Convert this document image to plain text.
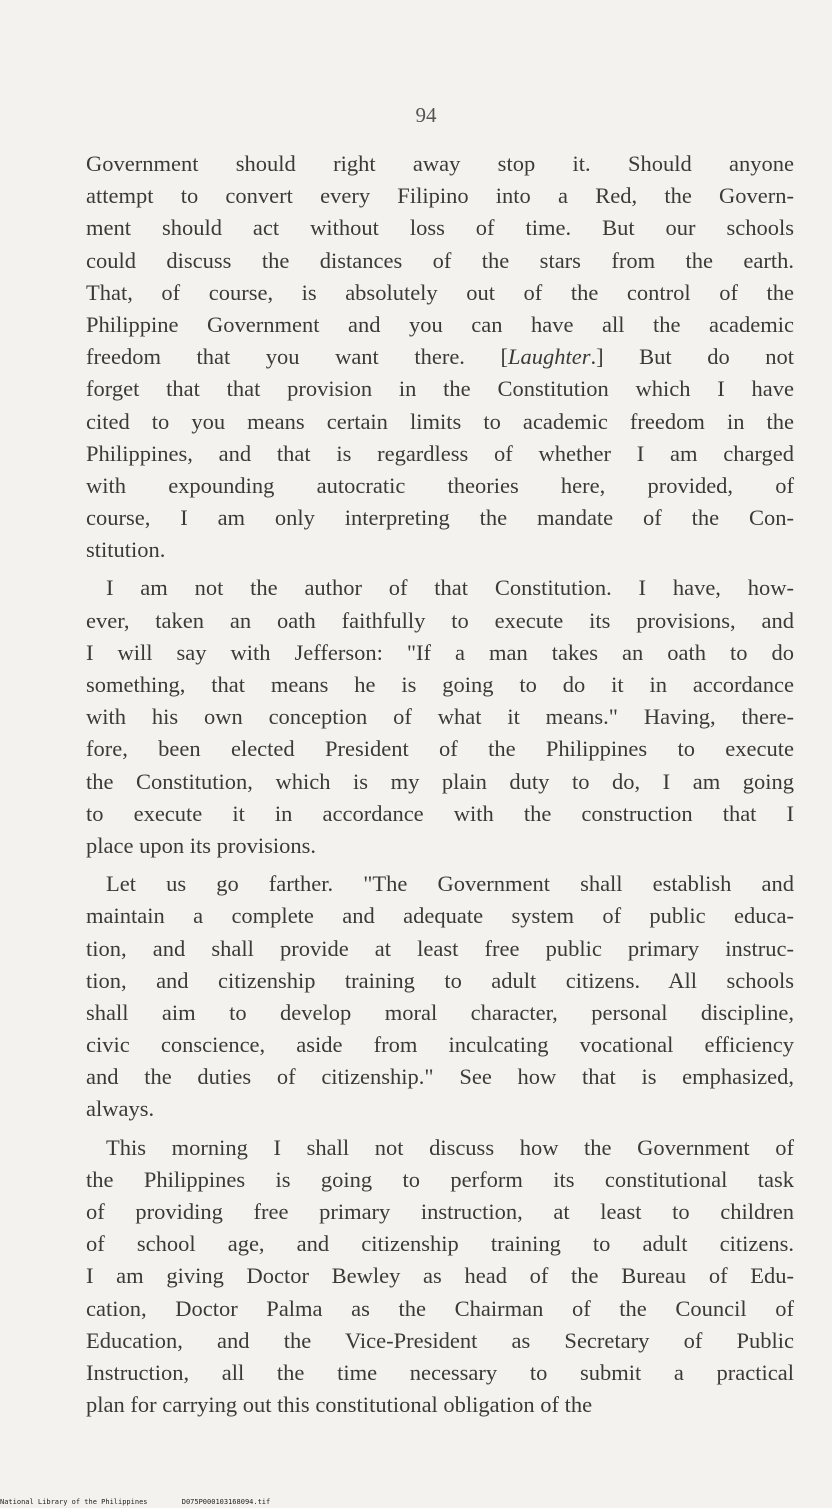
94
Government should right away stop it. Should anyone
attempt to convert every Filipino into a Red, the Govern-
ment should act without loss of time. But our schools
could discuss the distances of the stars from the earth.
That, of course, is absolutely out of the control of the
Philippine Government and you can have all the academic
freedom that you want there. [Laughter.] But do not
forget that that provision in the Constitution which I have
cited to you means certain limits to academic freedom in the
Philippines, and that is regardless of whether I am charged
with expounding autocratic theories here, provided, of
course, I am only interpreting the mandate of the Con-
stitution.
I am not the author of that Constitution. I have, how-
ever, taken an oath faithfully to execute its provisions, and
I will say with Jefferson: "If a man takes an oath to do
something, that means he is going to do it in accordance
with his own conception of what it means." Having, there-
fore, been elected President of the Philippines to execute
the Constitution, which is my plain duty to do, I am going
to execute it in accordance with the construction that I
place upon its provisions.
Let us go farther. "The Government shall establish and
maintain a complete and adequate system of public educa-
tion, and shall provide at least free public primary instruc-
tion, and citizenship training to adult citizens. All schools
shall aim to develop moral character, personal discipline,
civic conscience, aside from inculcating vocational efficiency
and the duties of citizenship." See how that is emphasized,
always.
This morning I shall not discuss how the Government of
the Philippines is going to perform its constitutional task
of providing free primary instruction, at least to children
of school age, and citizenship training to adult citizens.
I am giving Doctor Bewley as head of the Bureau of Edu-
cation, Doctor Palma as the Chairman of the Council of
Education, and the Vice-President as Secretary of Public
Instruction, all the time necessary to submit a practical
plan for carrying out this constitutional obligation of the
National Library of the Philippines	D075P000103168094.tif
